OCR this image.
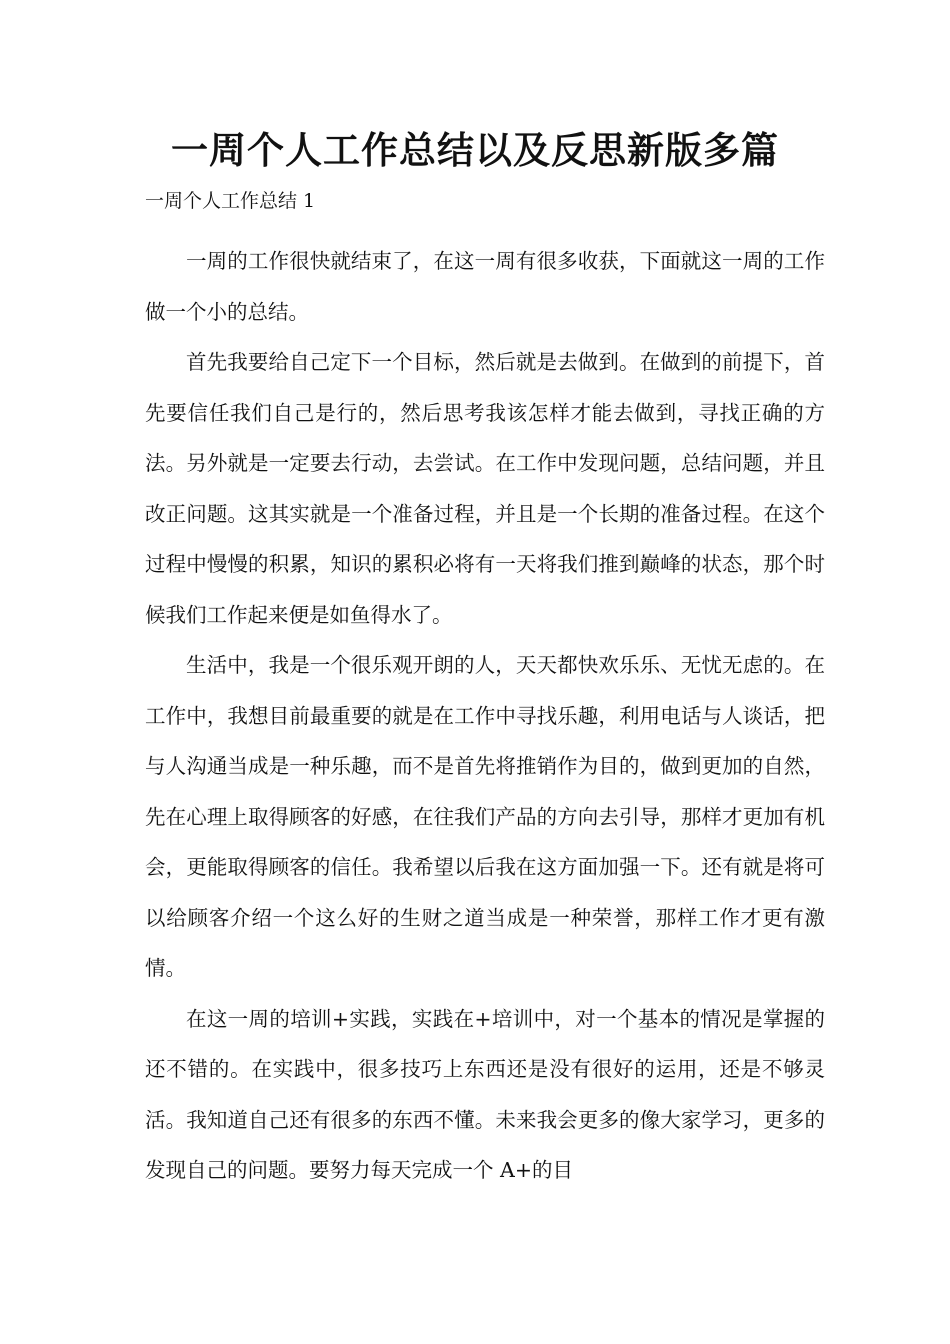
一周个人工作总结以及反思新版多篇
一周个人工作总结 1

一周的工作很快就结束了，在这一周有很多收获，下面就这一周的工作做一个小的总结。

首先我要给自己定下一个目标，然后就是去做到。在做到的前提下，首先要信任我们自己是行的，然后思考我该怎样才能去做到，寻找正确的方法。另外就是一定要去行动，去尝试。在工作中发现问题，总结问题，并且改正问题。这其实就是一个准备过程，并且是一个长期的准备过程。在这个过程中慢慢的积累，知识的累积必将有一天将我们推到巅峰的状态，那个时候我们工作起来便是如鱼得水了。

生活中，我是一个很乐观开朗的人，天天都快欢乐乐、无忧无虑的。在工作中，我想目前最重要的就是在工作中寻找乐趣，利用电话与人谈话，把与人沟通当成是一种乐趣，而不是首先将推销作为目的，做到更加的自然，先在心理上取得顾客的好感，在往我们产品的方向去引导，那样才更加有机会，更能取得顾客的信任。我希望以后我在这方面加强一下。还有就是将可以给顾客介绍一个这么好的生财之道当成是一种荣誉，那样工作才更有激情。

在这一周的培训+实践，实践在+培训中，对一个基本的情况是掌握的还不错的。在实践中，很多技巧上东西还是没有很好的运用，还是不够灵活。我知道自己还有很多的东西不懂。未来我会更多的像大家学习，更多的发现自己的问题。要努力每天完成一个 A+的目
